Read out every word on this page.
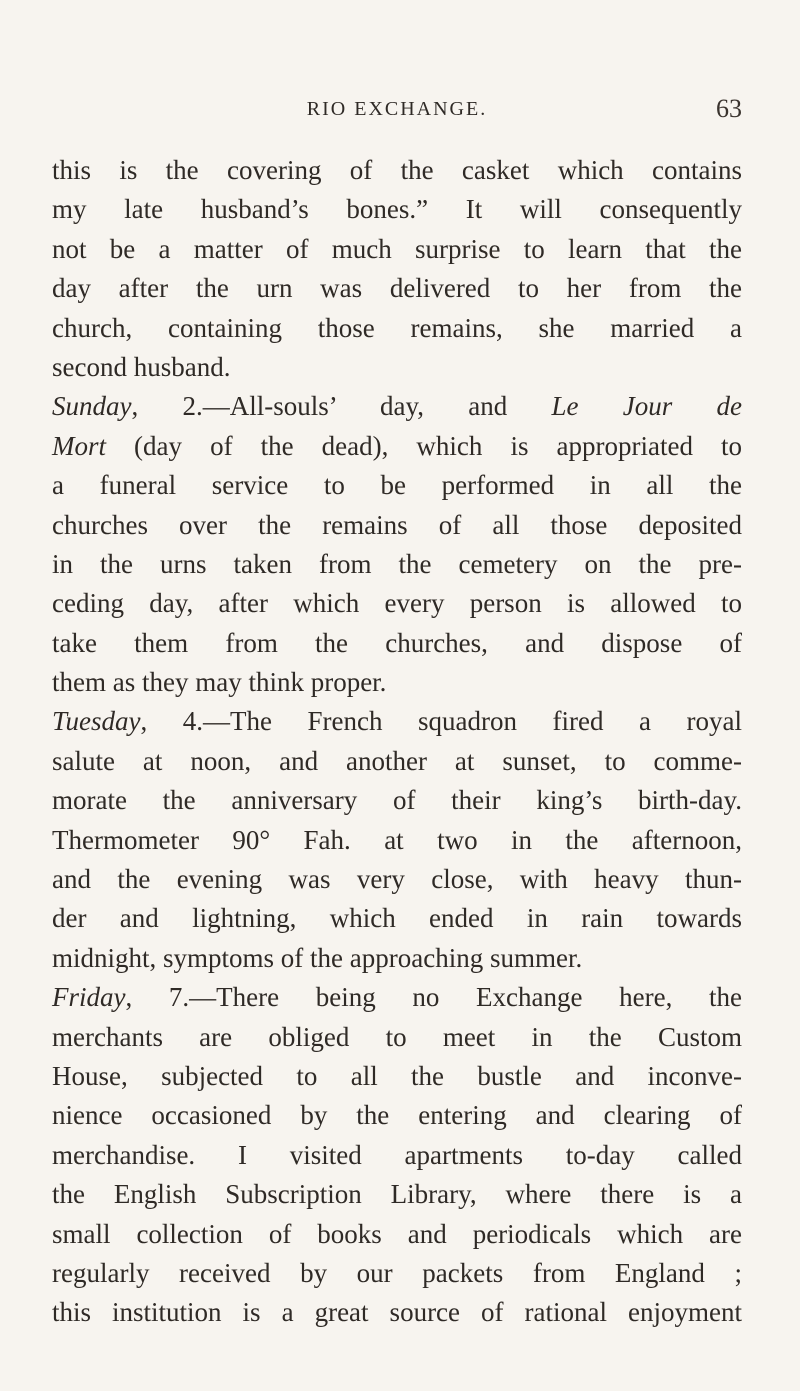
RIO EXCHANGE.	63
this is the covering of the casket which contains
my late husband’s bones.” It will consequently
not be a matter of much surprise to learn that the
day after the urn was delivered to her from the
church, containing those remains, she married a
second husband.
Sunday, 2.—All-souls’ day, and Le Jour de
Mort (day of the dead), which is appropriated to
a funeral service to be performed in all the
churches over the remains of all those deposited
in the urns taken from the cemetery on the pre-
ceding day, after which every person is allowed to
take them from the churches, and dispose of
them as they may think proper.
Tuesday, 4.—The French squadron fired a royal
salute at noon, and another at sunset, to comme-
morate the anniversary of their king’s birth-day.
Thermometer 90° Fah. at two in the afternoon,
and the evening was very close, with heavy thun-
der and lightning, which ended in rain towards
midnight, symptoms of the approaching summer.
Friday, 7.—There being no Exchange here, the
merchants are obliged to meet in the Custom
House, subjected to all the bustle and inconve-
nience occasioned by the entering and clearing of
merchandise. I visited apartments to-day called
the English Subscription Library, where there is a
small collection of books and periodicals which are
regularly received by our packets from England ;
this institution is a great source of rational enjoyment
